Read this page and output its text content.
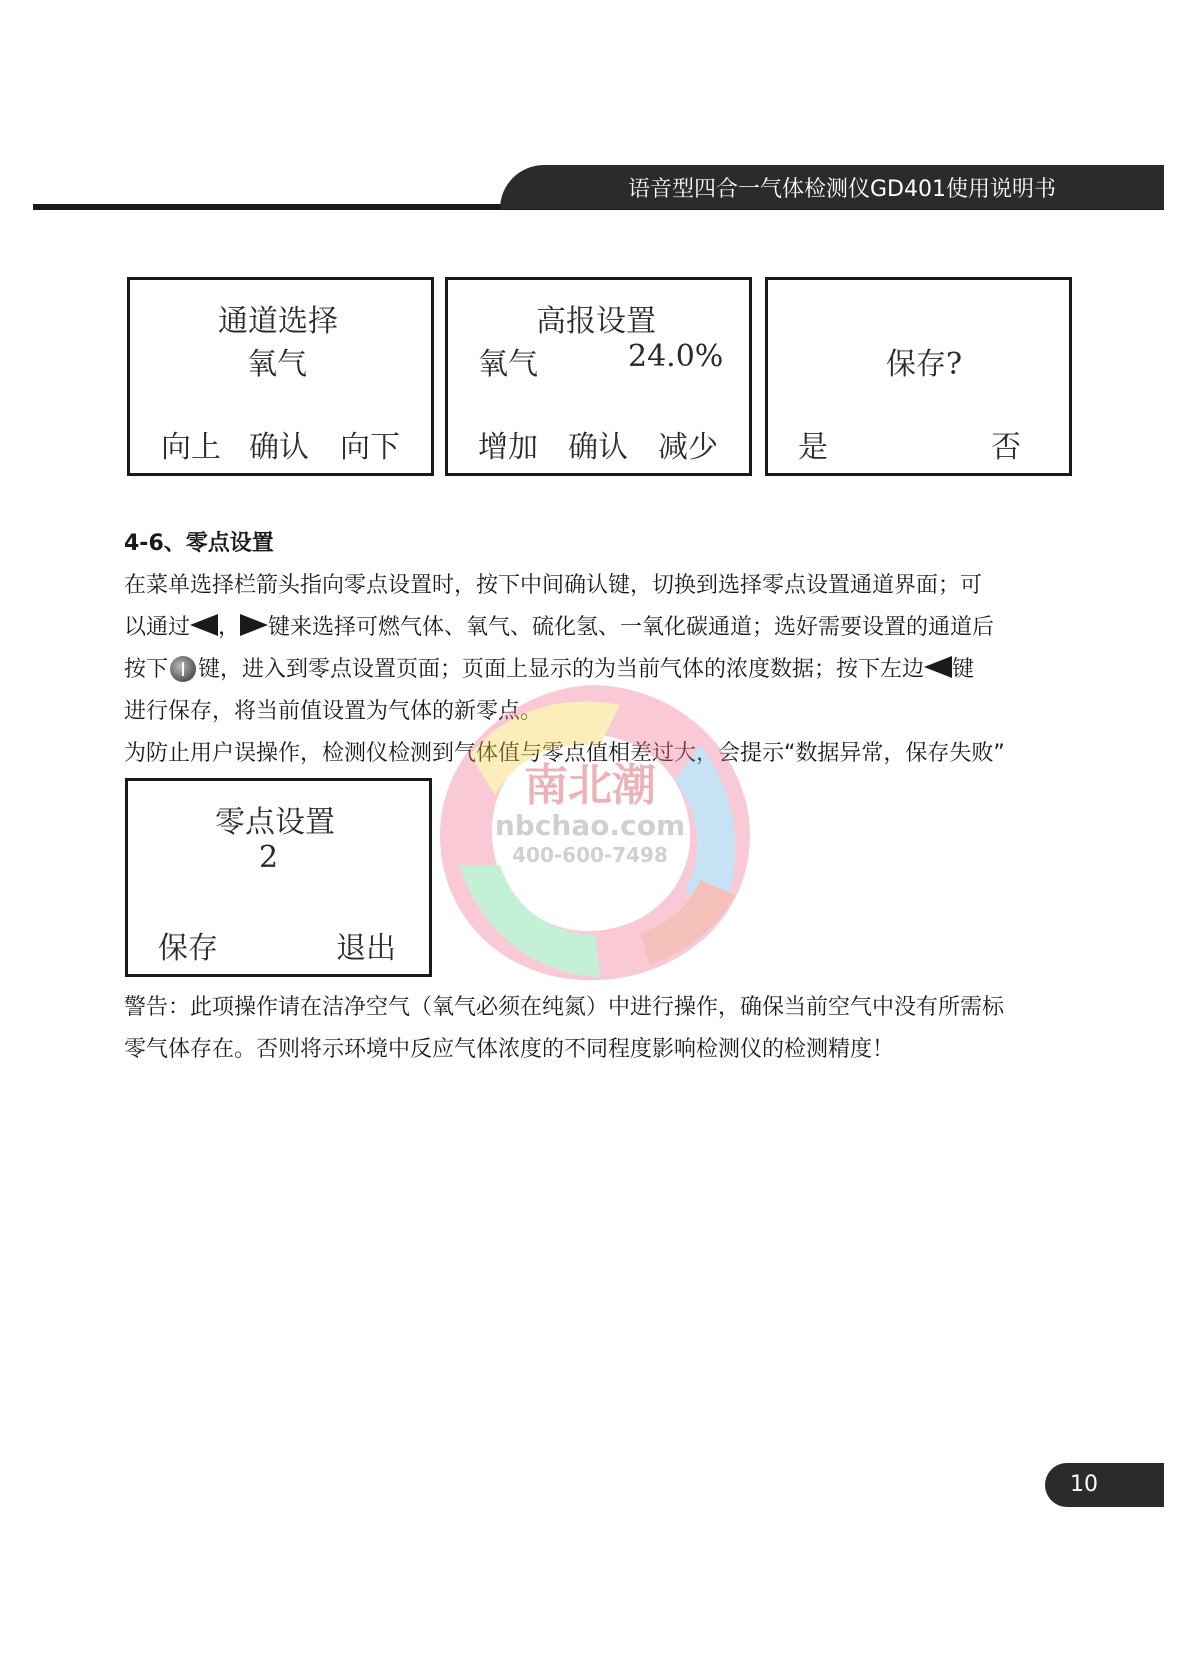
语音型四合一气体检测仪GD401使用说明书
通道选择
氧气
向上 确认 向下
高报设置
氧气	24.0%
增加 确认 减少
保存?
是	否
4-6、零点设置
在菜单选择栏箭头指向零点设置时，按下中间确认键，切换到选择零点设置通道界面；可
以通过 ， 键来选择可燃气体、氧气、硫化氢、一氧化碳通道；选好需要设置的通道后
按下 键，进入到零点设置页面；页面上显示的为当前气体的浓度数据；按下左边 键
进行保存，将当前值设置为气体的新零点。
为防止用户误操作，检测仪检测到气体值与零点值相差过大，会提示“数据异常，保存失败”
零点设置
2
保存	退出
警告：此项操作请在洁净空气（氧气必须在纯氮）中进行操作，确保当前空气中没有所需标
零气体存在。否则将示环境中反应气体浓度的不同程度影响检测仪的检测精度！
南北潮
nbchao.com
400-600-7498
10
